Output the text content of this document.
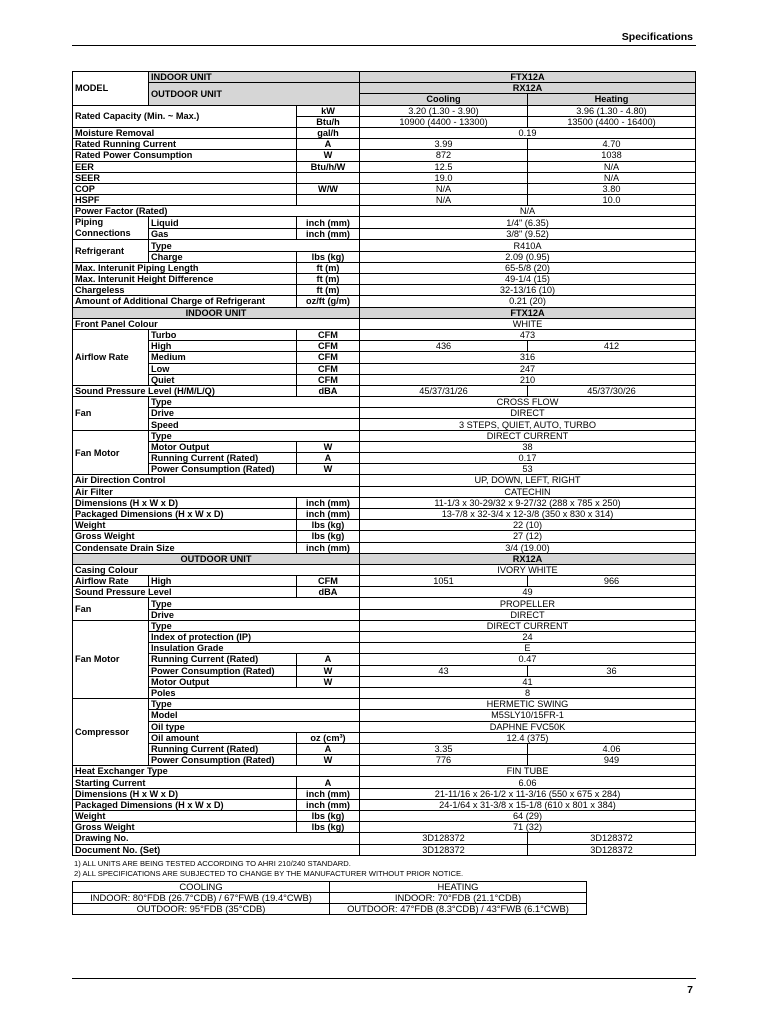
Specifications
MODEL	INDOOR UNIT		FTX12A	
	OUTDOOR UNIT		RX12A	
			Cooling	Heating
Rated Capacity (Min. ~ Max.)		kW	3.20 (1.30 - 3.90)	3.96 (1.30 - 4.80)
		Btu/h	10900 (4400 - 13300)	13500 (4400 - 16400)
Moisture Removal		gal/h	0.19	
Rated Running Current		A	3.99	4.70
Rated Power Consumption		W	872	1038
EER		Btu/h/W	12.5	N/A
SEER			19.0	N/A
COP		W/W	N/A	3.80
HSPF			N/A	10.0
Power Factor (Rated)			N/A	
Piping
Connections	Liquid	inch (mm)	1/4" (6.35)	
	Gas	inch (mm)	3/8" (9.52)	
Refrigerant	Type		R410A	
	Charge	lbs (kg)	2.09 (0.95)	
Max. Interunit Piping Length		ft (m)	65-5/8 (20)	
Max. Interunit Height Difference		ft (m)	49-1/4 (15)	
Chargeless		ft (m)	32-13/16 (10)	
Amount of Additional Charge of Refrigerant		oz/ft (g/m)	0.21 (20)	
INDOOR UNIT			FTX12A	
Front Panel Colour			WHITE	
Airflow Rate	Turbo	CFM	473	
	High	CFM	436	412
	Medium	CFM	316	
	Low	CFM	247	
	Quiet	CFM	210	
Sound Pressure Level (H/M/L/Q)		dBA	45/37/31/26	45/37/30/26
Fan	Type		CROSS FLOW	
	Drive		DIRECT	
	Speed		3 STEPS, QUIET, AUTO, TURBO	
Fan Motor	Type		DIRECT CURRENT	
	Motor Output	W	38	
	Running Current (Rated)	A	0.17	
	Power Consumption (Rated)	W	53	
Air Direction Control			UP, DOWN, LEFT, RIGHT	
Air Filter			CATECHIN	
Dimensions (H x W x D)		inch (mm)	11-1/3 x 30-29/32 x 9-27/32 (288 x 785 x 250)	
Packaged Dimensions (H x W x D)		inch (mm)	13-7/8 x 32-3/4 x 12-3/8 (350 x 830 x 314)	
Weight		lbs (kg)	22 (10)	
Gross Weight		lbs (kg)	27 (12)	
Condensate Drain Size		inch (mm)	3/4 (19.00)	
OUTDOOR UNIT			RX12A	
Casing Colour			IVORY WHITE	
Airflow Rate	High	CFM	1051	966
Sound Pressure Level		dBA	49	
Fan	Type		PROPELLER	
	Drive		DIRECT	
Fan Motor	Type		DIRECT CURRENT	
	Index of protection (IP)		24	
	Insulation Grade		E	
	Running Current (Rated)	A	0.47	
	Power Consumption (Rated)	W	43	36
	Motor Output	W	41	
	Poles		8	
Compressor	Type		HERMETIC SWING	
	Model		M5SLY10/15FR-1	
	Oil type		DAPHNE FVC50K	
	Oil amount	oz (cm³)	12.4 (375)	
	Running Current (Rated)	A	3.35	4.06
	Power Consumption (Rated)	W	776	949
Heat Exchanger Type			FIN TUBE	
Starting Current		A	6.06	
Dimensions (H x W x D)		inch (mm)	21-11/16 x 26-1/2 x 11-3/16 (550 x 675 x 284)	
Packaged Dimensions (H x W x D)		inch (mm)	24-1/64 x 31-3/8 x 15-1/8 (610 x 801 x 384)	
Weight		lbs (kg)	64 (29)	
Gross Weight		lbs (kg)	71 (32)	
Drawing No.			3D128372	3D128372
Document No. (Set)			3D128372	3D128372
1) ALL UNITS ARE BEING TESTED ACCORDING TO AHRI 210/240 STANDARD.
2) ALL SPECIFICATIONS ARE SUBJECTED TO CHANGE BY THE MANUFACTURER WITHOUT PRIOR NOTICE.
COOLING	HEATING
INDOOR: 80°FDB (26.7°CDB) / 67°FWB (19.4°CWB)	INDOOR: 70°FDB (21.1°CDB)
OUTDOOR: 95°FDB (35°CDB)	OUTDOOR: 47°FDB (8.3°CDB) / 43°FWB (6.1°CWB)
7
